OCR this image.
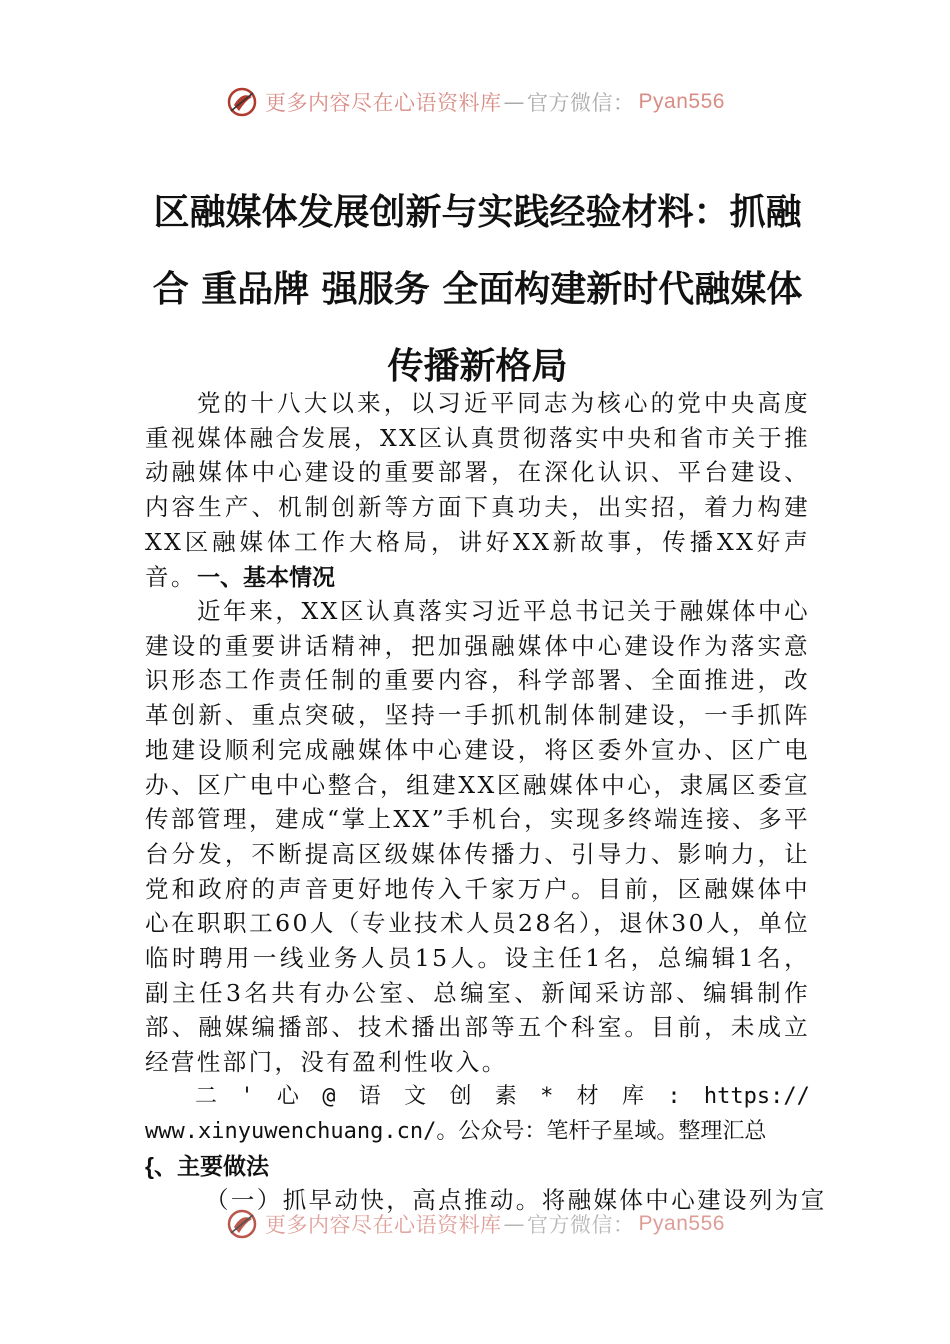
更多内容尽在心语资料库 — 官方微信： Pyan556
区融媒体发展创新与实践经验材料：抓融合 重品牌 强服务 全面构建新时代融媒体传播新格局

党的十八大以来，以习近平同志为核心的党中央高度重视媒体融合发展，XX区认真贯彻落实中央和省市关于推动融媒体中心建设的重要部署，在深化认识、平台建设、内容生产、机制创新等方面下真功夫，出实招，着力构建XX区融媒体工作大格局，讲好XX新故事，传播XX好声音。 一、基本情况

近年来，XX区认真落实习近平总书记关于融媒体中心建设的重要讲话精神，把加强融媒体中心建设作为落实意识形态工作责任制的重要内容，科学部署、全面推进，改革创新、重点突破，坚持一手抓机制体制建设，一手抓阵地建设顺利完成融媒体中心建设，将区委外宣办、区广电办、区广电中心整合，组建XX区融媒体中心，隶属区委宣传部管理，建成“掌上XX”手机台，实现多终端连接、多平台分发，不断提高区级媒体传播力、引导力、影响力，让党和政府的声音更好地传入千家万户。目前，区融媒体中心在职职工60人（专业技术人员28名），退休30人，单位临时聘用一线业务人员15人。设主任1名，总编辑1名，副主任3名共有办公室、总编室、新闻采访部、编辑制作部、融媒编播部、技术播出部等五个科室。目前，未成立经营性部门，没有盈利性收入。

二 ' 心 @ 语 文 创 素 * 材 库 : https://
www.xinyuwenchuang.cn/。公众号：笔杆子星域。整理汇总
{、主要做法

（一）抓早动快，高点推动。将融媒体中心建设列为宣

更多内容尽在心语资料库 — 官方微信： Pyan556
